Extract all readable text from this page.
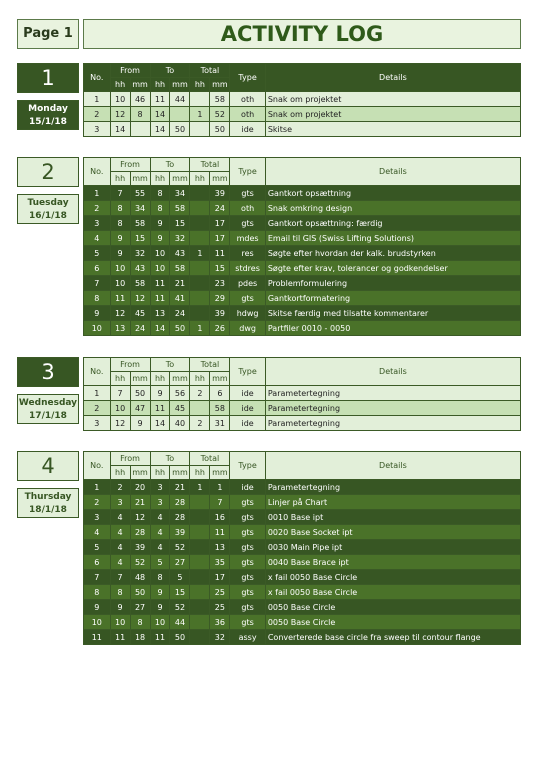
Page 1	ACTIVITY LOG
1
Monday
15/1/18
No.	From		To		Total		Type	Details
	hh	mm	hh	mm	hh	mm		
1	10	46	11	44		58	oth	Snak om projektet
2	12	8	14		1	52	oth	Snak om projektet
3	14		14	50		50	ide	Skitse
2
Tuesday
16/1/18
No.	From		To		Total		Type	Details
	hh	mm	hh	mm	hh	mm		
1	7	55	8	34		39	gts	Gantkort opsættning
2	8	34	8	58		24	oth	Snak omkring design
3	8	58	9	15		17	gts	Gantkort opsættning: færdig
4	9	15	9	32		17	mdes	Email til GIS (Swiss Lifting Solutions)
5	9	32	10	43	1	11	res	Søgte efter hvordan der kalk. brudstyrken
6	10	43	10	58		15	stdres	Søgte efter krav, tolerancer og godkendelser
7	10	58	11	21		23	pdes	Problemformulering
8	11	12	11	41		29	gts	Gantkortformatering
9	12	45	13	24		39	hdwg	Skitse færdig med tilsatte kommentarer
10	13	24	14	50	1	26	dwg	Partfiler 0010 - 0050
3
Wednesday
17/1/18
No.	From		To		Total		Type	Details
	hh	mm	hh	mm	hh	mm		
1	7	50	9	56	2	6	ide	Parametertegning
2	10	47	11	45		58	ide	Parametertegning
3	12	9	14	40	2	31	ide	Parametertegning
4
Thursday
18/1/18
No.	From		To		Total		Type	Details
	hh	mm	hh	mm	hh	mm		
1	2	20	3	21	1	1	ide	Parametertegning
2	3	21	3	28		7	gts	Linjer på Chart
3	4	12	4	28		16	gts	0010 Base ipt
4	4	28	4	39		11	gts	0020 Base Socket ipt
5	4	39	4	52		13	gts	0030 Main Pipe ipt
6	4	52	5	27		35	gts	0040 Base Brace ipt
7	7	48	8	5		17	gts	x fail 0050 Base Circle
8	8	50	9	15		25	gts	x fail 0050 Base Circle
9	9	27	9	52		25	gts	0050 Base Circle
10	10	8	10	44		36	gts	0050 Base Circle
11	11	18	11	50		32	assy	Converterede base circle fra sweep til contour flange
